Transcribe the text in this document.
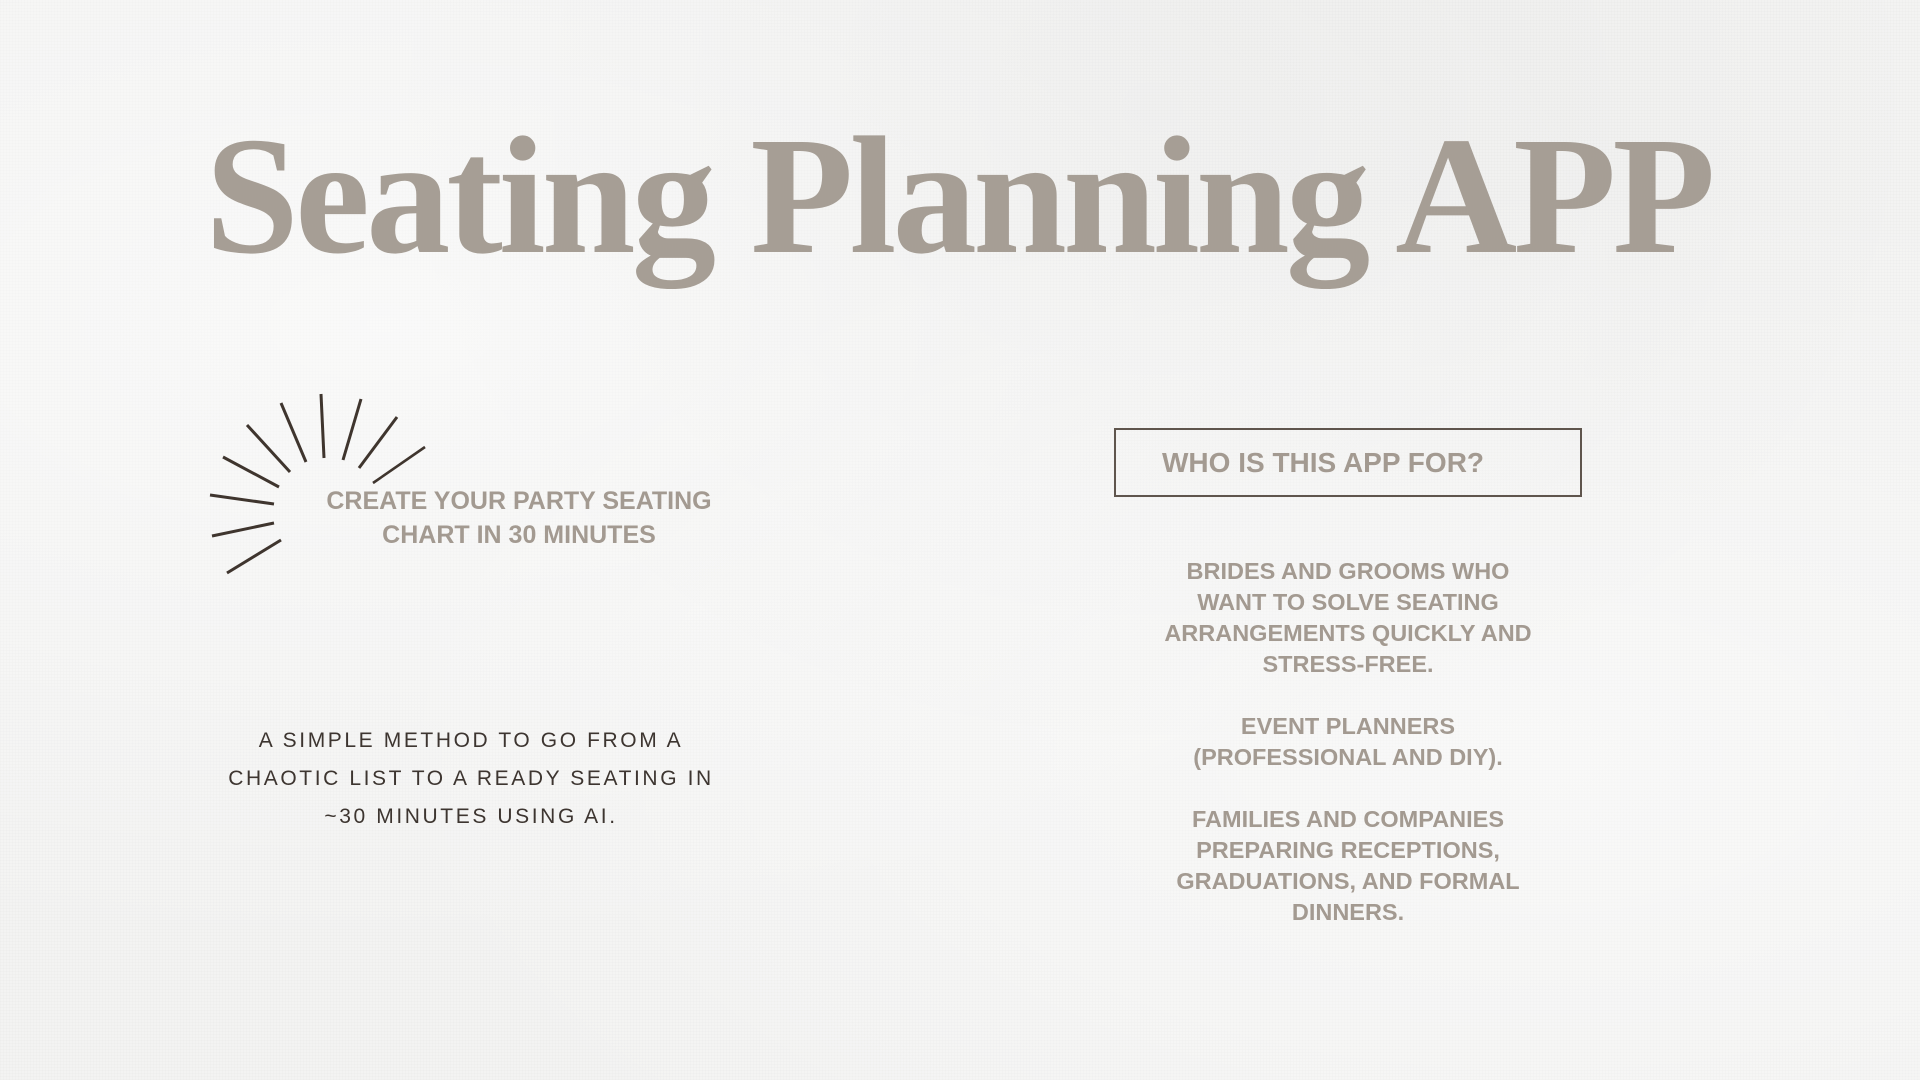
Seating Planning APP
CREATE YOUR PARTY SEATING
CHART IN 30 MINUTES
A SIMPLE METHOD TO GO FROM A
CHAOTIC LIST TO A READY SEATING IN
~30 MINUTES USING AI.
WHO IS THIS APP FOR?

BRIDES AND GROOMS WHO
WANT TO SOLVE SEATING
ARRANGEMENTS QUICKLY AND
STRESS-FREE.

EVENT PLANNERS
(PROFESSIONAL AND DIY).

FAMILIES AND COMPANIES
PREPARING RECEPTIONS,
GRADUATIONS, AND FORMAL
DINNERS.
